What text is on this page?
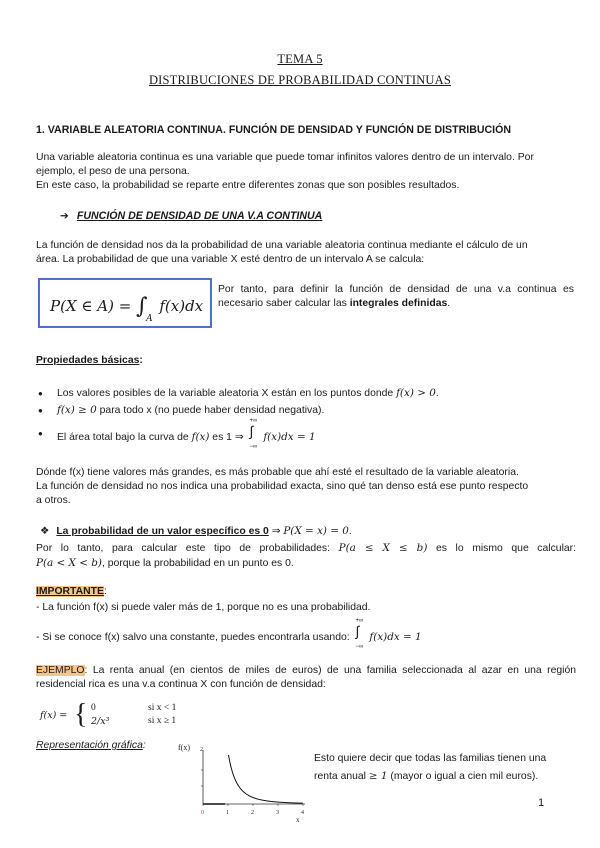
TEMA 5
DISTRIBUCIONES DE PROBABILIDAD CONTINUAS
1. VARIABLE ALEATORIA CONTINUA. FUNCIÓN DE DENSIDAD Y FUNCIÓN DE DISTRIBUCIÓN
Una variable aleatoria continua es una variable que puede tomar infinitos valores dentro de un intervalo. Por
ejemplo, el peso de una persona.
En este caso, la probabilidad se reparte entre diferentes zonas que son posibles resultados.
➔ FUNCIÓN DE DENSIDAD DE UNA V.A CONTINUA
La función de densidad nos da la probabilidad de una variable aleatoria continua mediante el cálculo de un
área. La probabilidad de que una variable X esté dentro de un intervalo A se calcula:
P(X ∈ $A) = \int_A$ f(x)dx
Por tanto, para definir la función de densidad de una v.a continua es
necesario saber calcular las integrales definidas.
Propiedades básicas:
● Los valores posibles de la variable aleatoria X están en los puntos donde f(x) > 0.
● f(x) ≥ 0 para todo x (no puede haber densidad negativa).
● El área total bajo la curva de f(x) es 1 ⇒
+∞
∫
−∞
f(x)dx = 1
Dónde f(x) tiene valores más grandes, es más probable que ahí esté el resultado de la variable aleatoria.
La función de densidad no nos indica una probabilidad exacta, sino qué tan denso está ese punto respecto
a otros.
❖ La probabilidad de un valor específico es 0 ⇒ P(X = x) = 0.
Por lo tanto, para calcular este tipo de probabilidades: P(a ≤ X ≤ b) es lo mismo que calcular:
P(a < X < b), porque la probabilidad en un punto es 0.
IMPORTANTE:
- La función f(x) si puede valer más de 1, porque no es una probabilidad.
- Si se conoce f(x) salvo una constante, puedes encontrarla usando:
+∞
∫
−∞
f(x)dx = 1
EJEMPLO: La renta anual (en cientos de miles de euros) de una familia seleccionada al azar en una región
residencial rica es una v.a continua X con función de densidad:
f(x) = { 0	si x < 1
2/x³	si x ≥ 1
Representación gráfica:	f(x) 2
0	1	2	3	4
x
Esto quiere decir que todas las familias tienen una
renta anual ≥ 1 (mayor o igual a cien mil euros).
1
